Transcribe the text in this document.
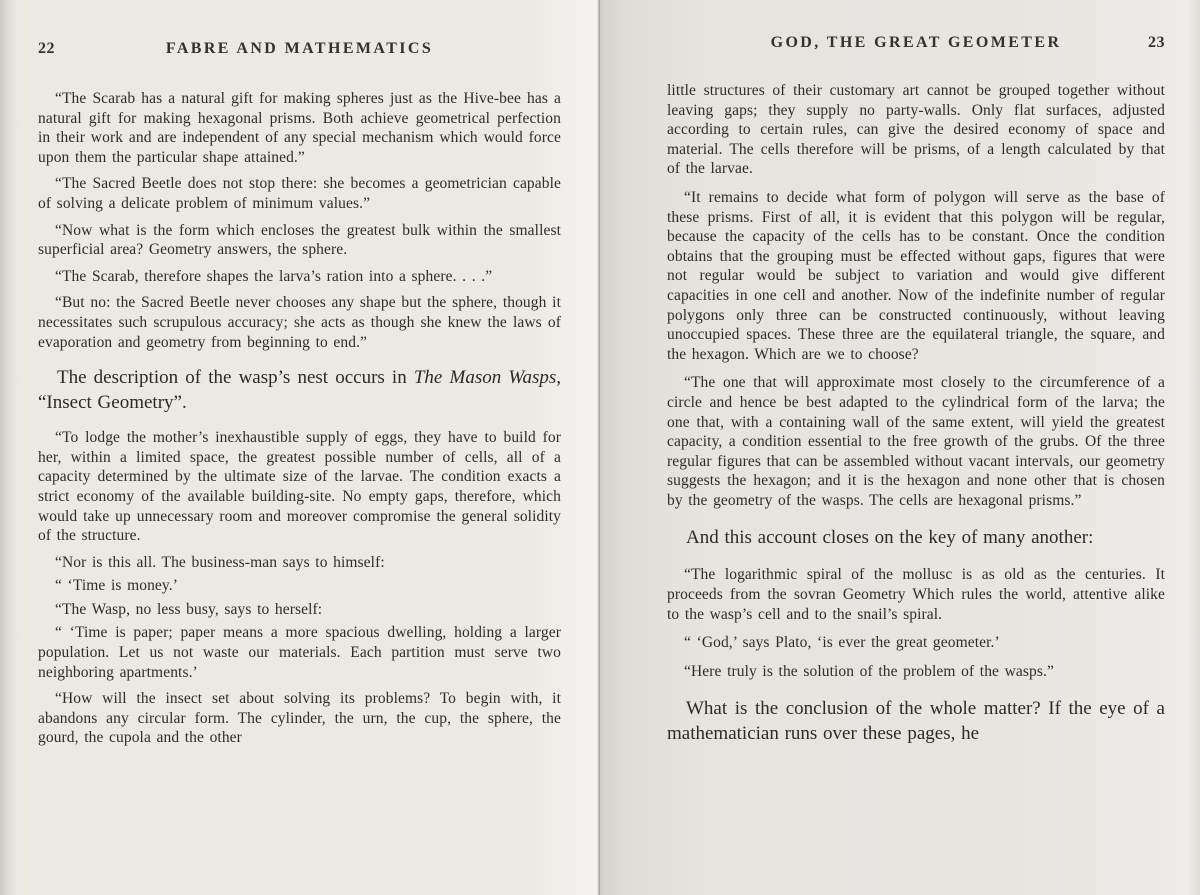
22	FABRE AND MATHEMATICS

“The Scarab has a natural gift for making spheres just as the Hive-bee has a natural gift for making hexagonal prisms. Both achieve geometrical perfection in their work and are independent of any special mechanism which would force upon them the particular shape attained.”

“The Sacred Beetle does not stop there: she becomes a geometrician capable of solving a delicate problem of minimum values.”

“Now what is the form which encloses the greatest bulk within the smallest superficial area? Geometry answers, the sphere.

“The Scarab, therefore shapes the larva’s ration into a sphere. . . .”

“But no: the Sacred Beetle never chooses any shape but the sphere, though it necessitates such scrupulous accuracy; she acts as though she knew the laws of evaporation and geometry from beginning to end.”

The description of the wasp’s nest occurs in The Mason Wasps, “Insect Geometry”.

“To lodge the mother’s inexhaustible supply of eggs, they have to build for her, within a limited space, the greatest possible number of cells, all of a capacity determined by the ultimate size of the larvae. The condition exacts a strict economy of the available building-site. No empty gaps, therefore, which would take up unnecessary room and moreover compromise the general solidity of the structure.

“Nor is this all. The business-man says to himself:

“ ‘Time is money.’

“The Wasp, no less busy, says to herself:

“ ‘Time is paper; paper means a more spacious dwelling, holding a larger population. Let us not waste our materials. Each partition must serve two neighboring apartments.’

“How will the insect set about solving its problems? To begin with, it abandons any circular form. The cylinder, the urn, the cup, the sphere, the gourd, the cupola and the other

GOD, THE GREAT GEOMETER	23

little structures of their customary art cannot be grouped together without leaving gaps; they supply no party-walls. Only flat surfaces, adjusted according to certain rules, can give the desired economy of space and material. The cells therefore will be prisms, of a length calculated by that of the larvae.

“It remains to decide what form of polygon will serve as the base of these prisms. First of all, it is evident that this polygon will be regular, because the capacity of the cells has to be constant. Once the condition obtains that the grouping must be effected without gaps, figures that were not regular would be subject to variation and would give different capacities in one cell and another. Now of the indefinite number of regular polygons only three can be constructed continuously, without leaving unoccupied spaces. These three are the equilateral triangle, the square, and the hexagon. Which are we to choose?

“The one that will approximate most closely to the circumference of a circle and hence be best adapted to the cylindrical form of the larva; the one that, with a containing wall of the same extent, will yield the greatest capacity, a condition essential to the free growth of the grubs. Of the three regular figures that can be assembled without vacant intervals, our geometry suggests the hexagon; and it is the hexagon and none other that is chosen by the geometry of the wasps. The cells are hexagonal prisms.”

And this account closes on the key of many another:

“The logarithmic spiral of the mollusc is as old as the centuries. It proceeds from the sovran Geometry Which rules the world, attentive alike to the wasp’s cell and to the snail’s spiral.

“ ‘God,’ says Plato, ‘is ever the great geometer.’

“Here truly is the solution of the problem of the wasps.”

What is the conclusion of the whole matter? If the eye of a mathematician runs over these pages, he
